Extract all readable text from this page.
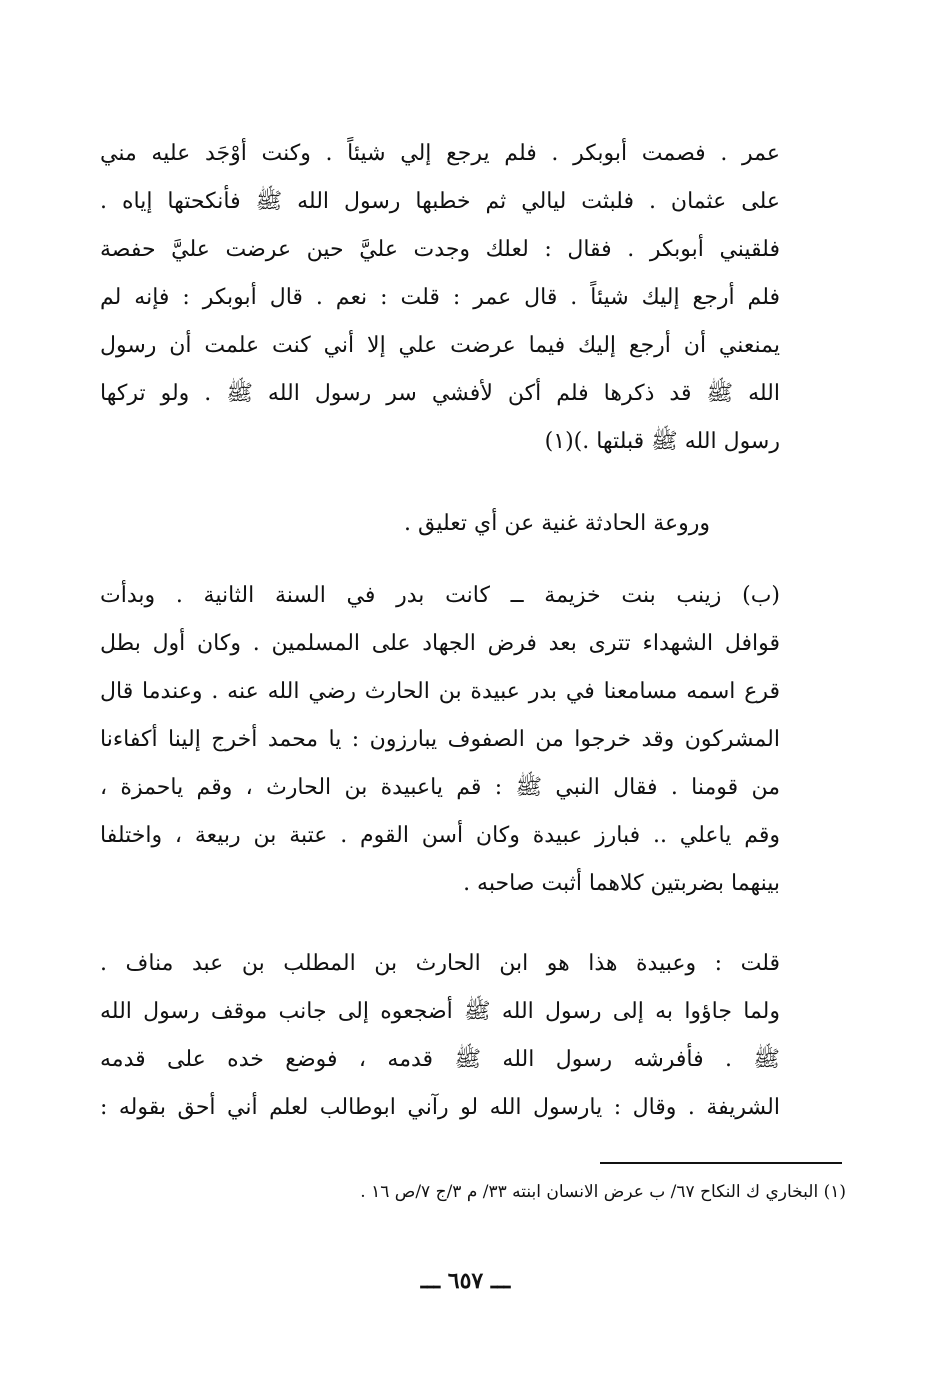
عمر . فصمت أبوبكر . فلم يرجع إلي شيئاً . وكنت أوْجَد عليه مني
على عثمان . فلبثت ليالي ثم خطبها رسول الله ﷺ فأنكحتها إياه .
فلقيني أبوبكر . فقال : لعلك وجدت عليَّ حين عرضت عليَّ حفصة
فلم أرجع إليك شيئاً . قال عمر : قلت : نعم . قال أبوبكر : فإنه لم
يمنعني أن أرجع إليك فيما عرضت علي إلا أني كنت علمت أن رسول
الله ﷺ قد ذكرها فلم أكن لأفشي سر رسول الله ﷺ . ولو تركها
رسول الله ﷺ قبلتها .)(١)
وروعة الحادثة غنية عن أي تعليق .
(ب) زينب بنت خزيمة ــ كانت بدر في السنة الثانية . وبدأت
قوافل الشهداء تترى بعد فرض الجهاد على المسلمين . وكان أول بطل
قرع اسمه مسامعنا في بدر عبيدة بن الحارث رضي الله عنه . وعندما قال
المشركون وقد خرجوا من الصفوف يبارزون : يا محمد أخرج إلينا أكفاءنا
من قومنا . فقال النبي ﷺ : قم ياعبيدة بن الحارث ، وقم ياحمزة ،
وقم ياعلي .. فبارز عبيدة وكان أسن القوم . عتبة بن ربيعة ، واختلفا
بينهما بضربتين كلاهما أثبت صاحبه .
قلت : وعبيدة هذا هو ابن الحارث بن المطلب بن عبد مناف .
ولما جاؤوا به إلى رسول الله ﷺ أضجعوه إلى جانب موقف رسول الله
ﷺ . فأفرشه رسول الله ﷺ قدمه ، فوضع خده على قدمه
الشريفة . وقال : يارسول الله لو رآني ابوطالب لعلم أني أحق بقوله :
(١) البخاري ك النكاح ٦٧/ ب عرض الانسان ابنته ٣٣/ م ٣/ج ٧/ص ١٦ .
ـــ ٦٥٧ ـــ
